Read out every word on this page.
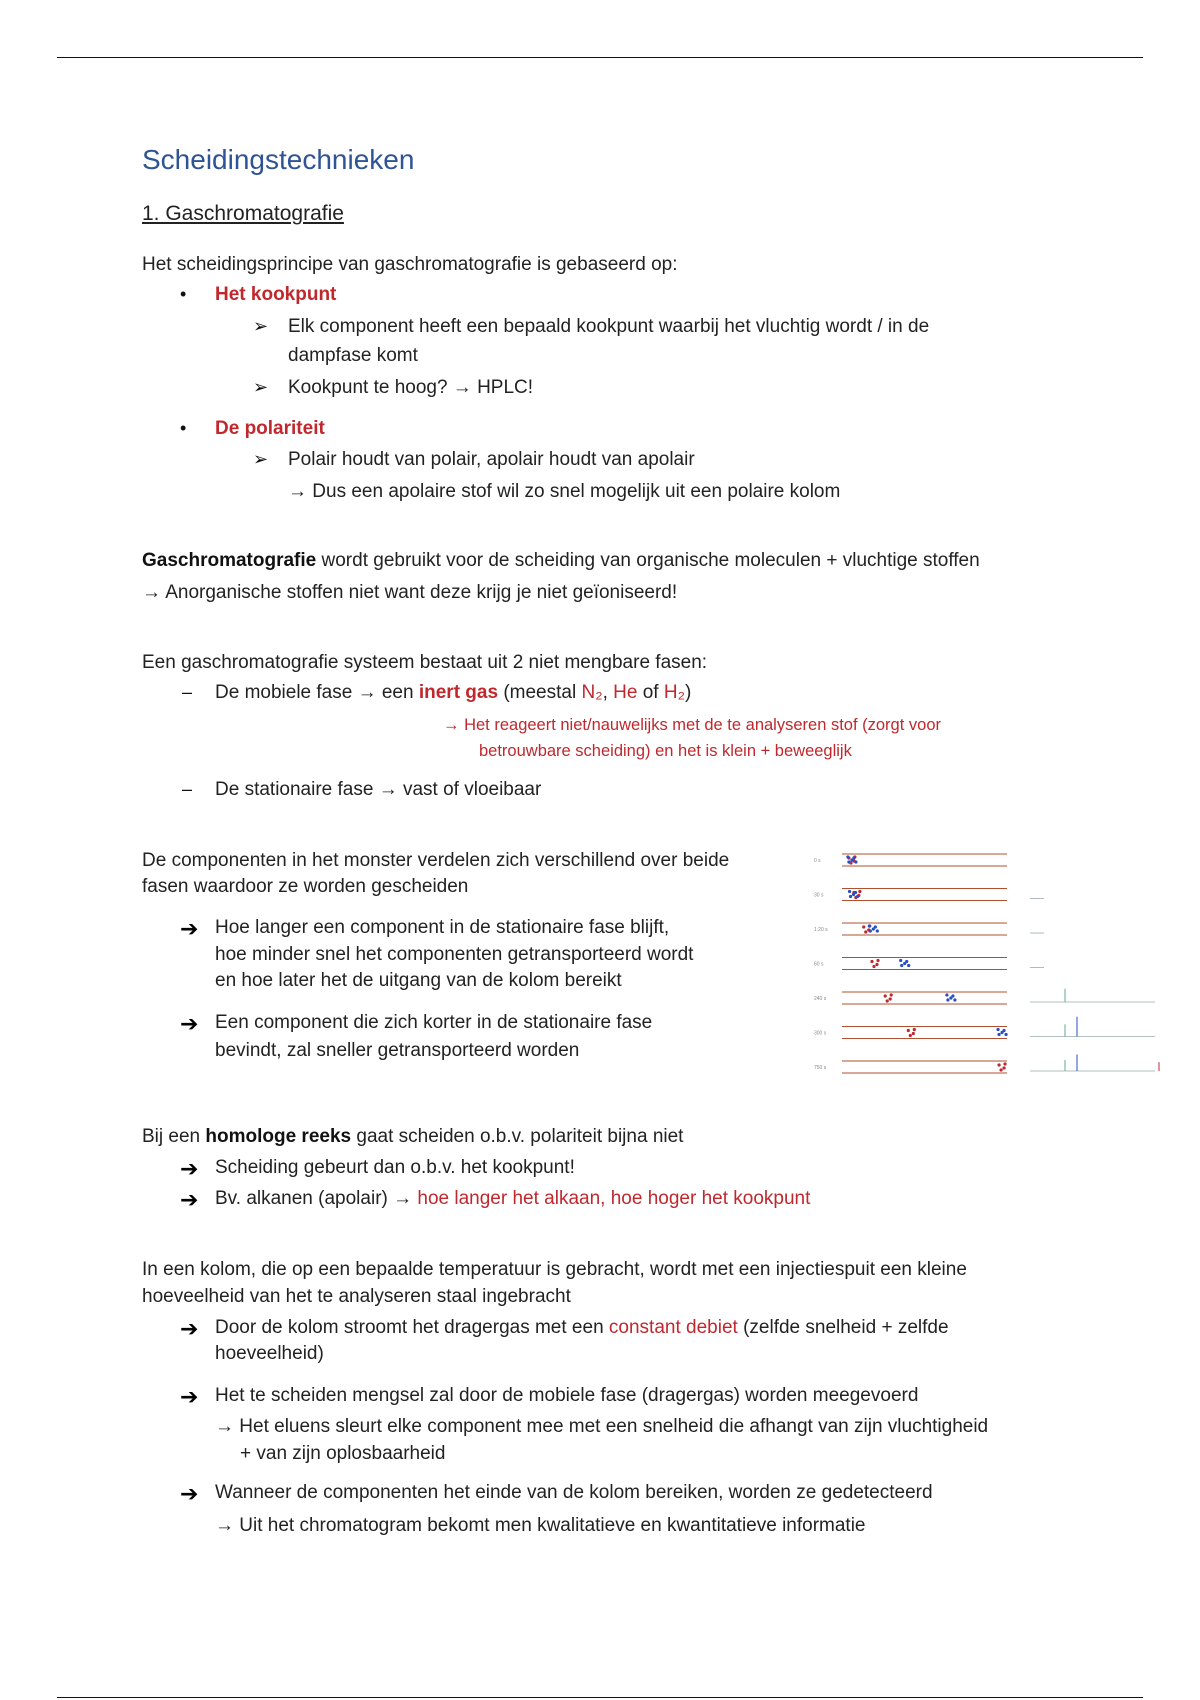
Scheidingstechnieken
1. Gaschromatografie
Het scheidingsprincipe van gaschromatografie is gebaseerd op:
• Het kookpunt
➢ Elk component heeft een bepaald kookpunt waarbij het vluchtig wordt / in de
dampfase komt
➢ Kookpunt te hoog? → HPLC!
• De polariteit
➢ Polair houdt van polair, apolair houdt van apolair
→ Dus een apolaire stof wil zo snel mogelijk uit een polaire kolom
Gaschromatografie wordt gebruikt voor de scheiding van organische moleculen + vluchtige stoffen
→ Anorganische stoffen niet want deze krijg je niet geïoniseerd!
Een gaschromatografie systeem bestaat uit 2 niet mengbare fasen:
– De mobiele fase → een inert gas (meestal N₂, He of H₂)
→ Het reageert niet/nauwelijks met de te analyseren stof (zorgt voor
betrouwbare scheiding) en het is klein + beweeglijk
– De stationaire fase → vast of vloeibaar
De componenten in het monster verdelen zich verschillend over beide
fasen waardoor ze worden gescheiden
➔ Hoe langer een component in de stationaire fase blijft,
hoe minder snel het componenten getransporteerd wordt
en hoe later het de uitgang van de kolom bereikt
➔ Een component die zich korter in de stationaire fase
bevindt, zal sneller getransporteerd worden
0 s
30 s
1:20 s
60 s
240 s
300 s
750 s
Bij een homologe reeks gaat scheiden o.b.v. polariteit bijna niet
➔ Scheiding gebeurt dan o.b.v. het kookpunt!
➔ Bv. alkanen (apolair) → hoe langer het alkaan, hoe hoger het kookpunt
In een kolom, die op een bepaalde temperatuur is gebracht, wordt met een injectiespuit een kleine
hoeveelheid van het te analyseren staal ingebracht
➔ Door de kolom stroomt het dragergas met een constant debiet (zelfde snelheid + zelfde
hoeveelheid)
➔ Het te scheiden mengsel zal door de mobiele fase (dragergas) worden meegevoerd
→ Het eluens sleurt elke component mee met een snelheid die afhangt van zijn vluchtigheid
+ van zijn oplosbaarheid
➔ Wanneer de componenten het einde van de kolom bereiken, worden ze gedetecteerd
→ Uit het chromatogram bekomt men kwalitatieve en kwantitatieve informatie
